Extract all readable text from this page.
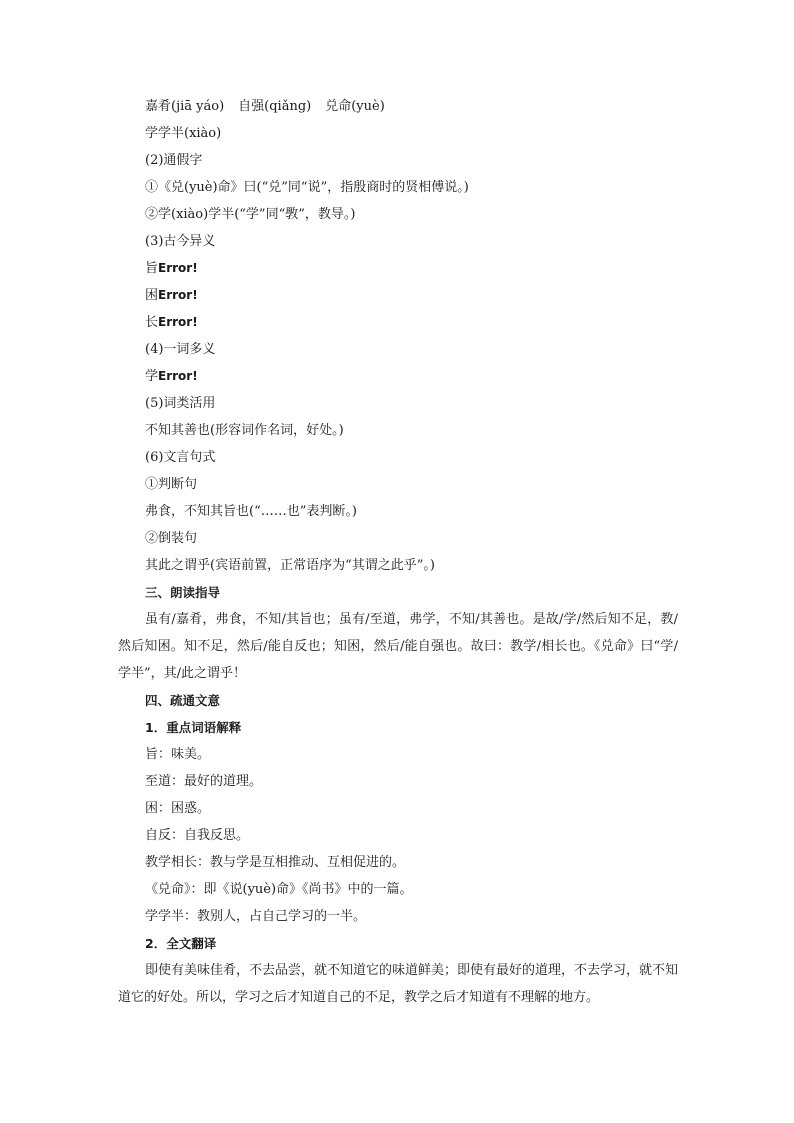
嘉肴(jiā yáo) 自强(qiǎng) 兑命(yuè)
学学半(xiào)
(2)通假字
①《兑(yuè)命》曰(“兑”同“说”，指殷商时的贤相傅说。)
②学(xiào)学半(“学”同“斆”，教导。)
(3)古今异义
旨Error!
困Error!
长Error!
(4)一词多义
学Error!
(5)词类活用
不知其善也(形容词作名词，好处。)
(6)文言句式
①判断句
弗食，不知其旨也(“……也”表判断。)
②倒装句
其此之谓乎(宾语前置，正常语序为“其谓之此乎”。)
三、朗读指导
虽有/嘉肴，弗食，不知/其旨也；虽有/至道，弗学，不知/其善也。是故/学/然后知不足，教/然后知困。知不足，然后/能自反也；知困，然后/能自强也。故曰：教学/相长也。《兑命》曰“学/学半”，其/此之谓乎！
四、疏通文意
1．重点词语解释
旨：味美。
至道：最好的道理。
困：困惑。
自反：自我反思。
教学相长：教与学是互相推动、互相促进的。
《兑命》：即《说(yuè)命》《尚书》中的一篇。
学学半：教别人，占自己学习的一半。
2．全文翻译
即使有美味佳肴，不去品尝，就不知道它的味道鲜美；即使有最好的道理，不去学习，就不知道它的好处。所以，学习之后才知道自己的不足，教学之后才知道有不理解的地方。
